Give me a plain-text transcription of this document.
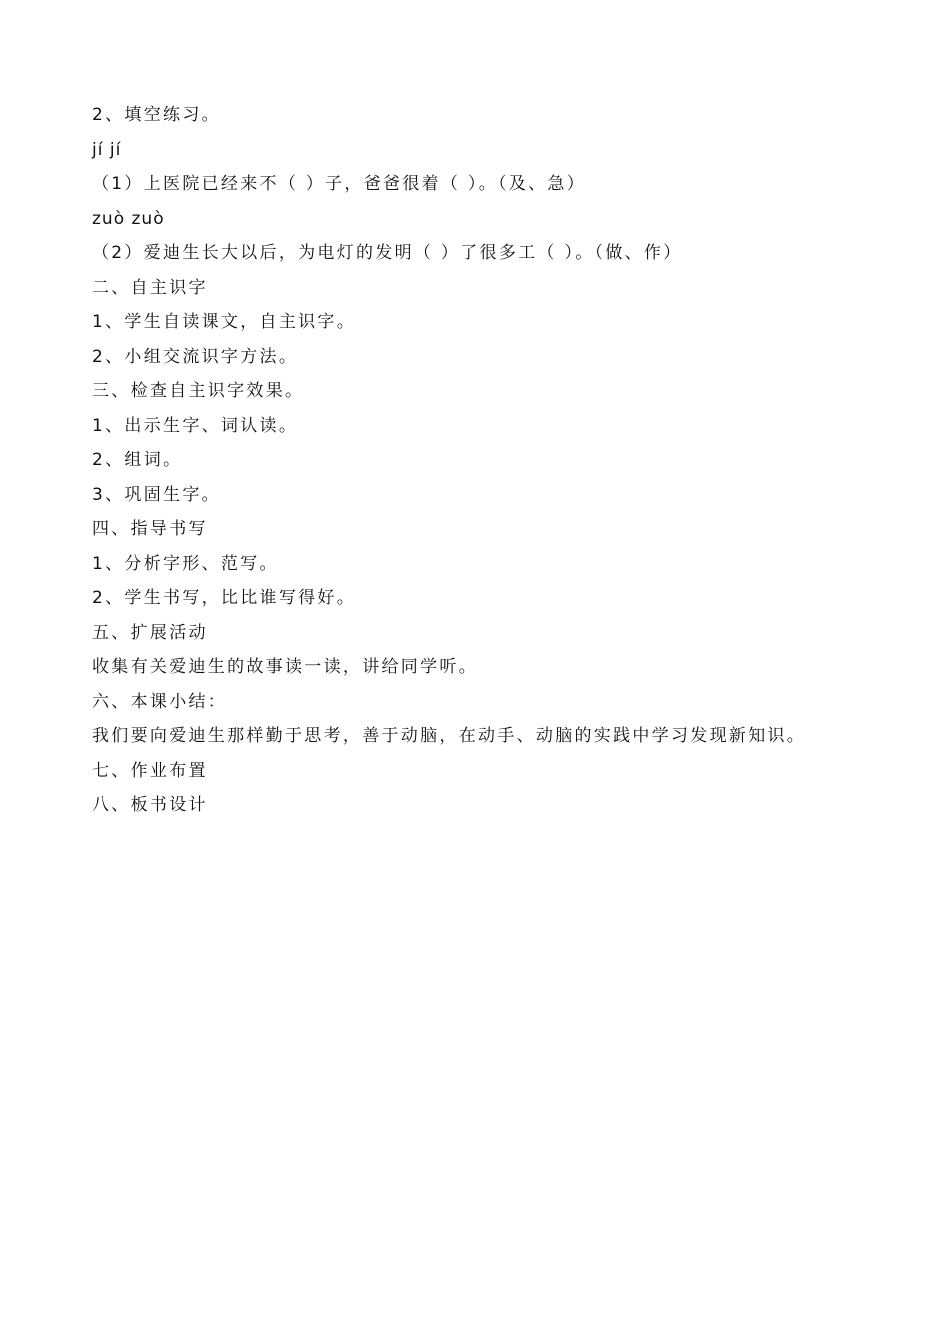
2、填空练习。
jí jí
（1）上医院已经来不（ ）子，爸爸很着（ ）。（及、急）
zuò zuò
（2）爱迪生长大以后，为电灯的发明（ ）了很多工（ ）。（做、作）
二、自主识字
1、学生自读课文，自主识字。
2、小组交流识字方法。
三、检查自主识字效果。
1、出示生字、词认读。
2、组词。
3、巩固生字。
四、指导书写
1、分析字形、范写。
2、学生书写，比比谁写得好。
五、扩展活动
收集有关爱迪生的故事读一读，讲给同学听。
六、本课小结：
我们要向爱迪生那样勤于思考，善于动脑，在动手、动脑的实践中学习发现新知识。
七、作业布置
八、板书设计
